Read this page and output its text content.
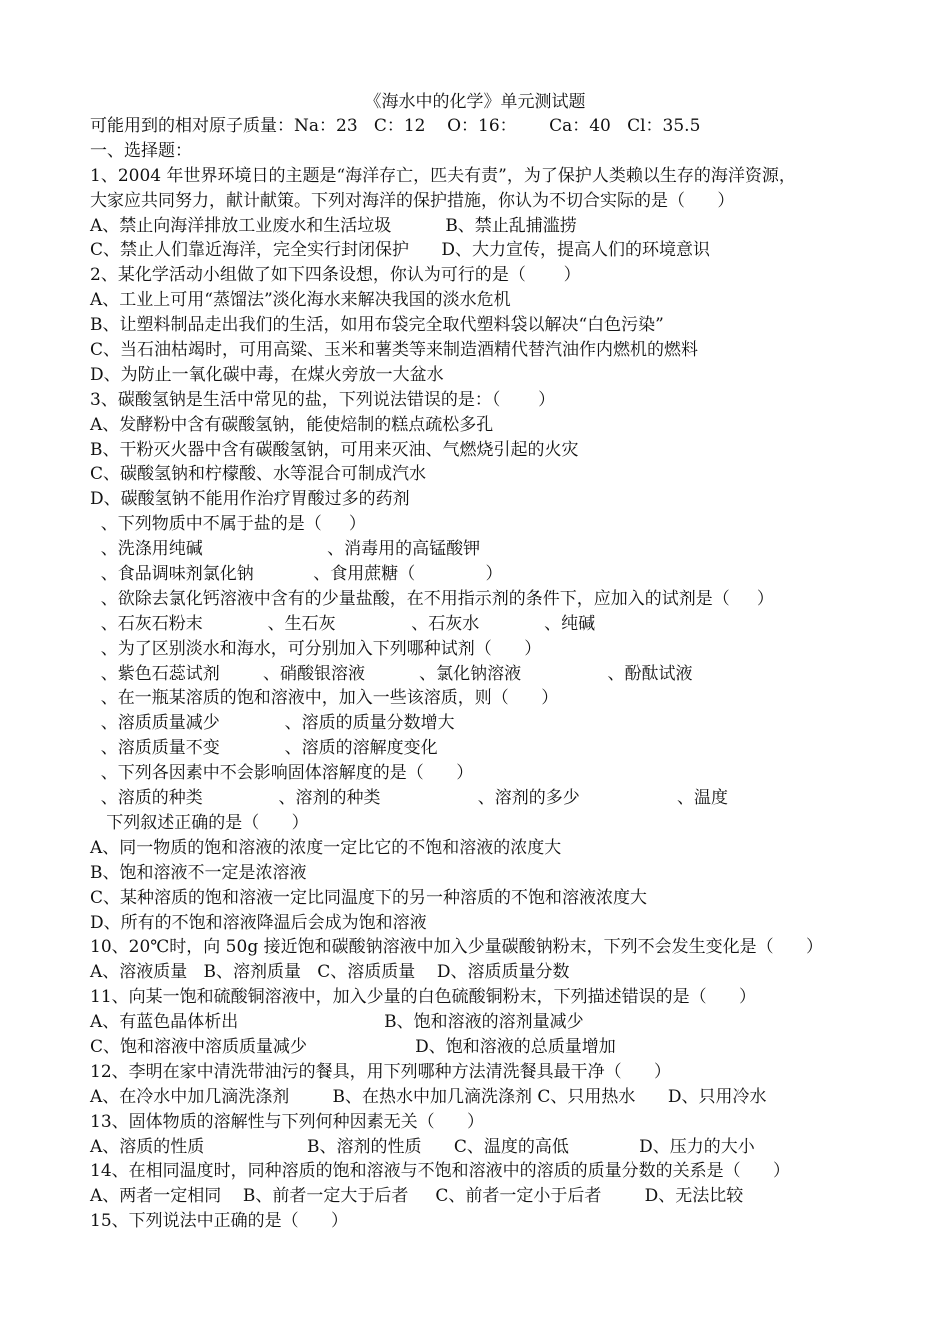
《海水中的化学》单元测试题
可能用到的相对原子质量：Na：23   C：12    O：16：      Ca：40   Cl：35.5
一、选择题：
1、2004 年世界环境日的主题是“海洋存亡，匹夫有责”，为了保护人类赖以生存的海洋资源，
大家应共同努力，献计献策。下列对海洋的保护措施，你认为不切合实际的是（      ）
A、禁止向海洋排放工业废水和生活垃圾          B、禁止乱捕滥捞
C、禁止人们靠近海洋，完全实行封闭保护      D、大力宣传，提高人们的环境意识
2、某化学活动小组做了如下四条设想，你认为可行的是（       ）
A、工业上可用“蒸馏法”淡化海水来解决我国的淡水危机
B、让塑料制品走出我们的生活，如用布袋完全取代塑料袋以解决“白色污染”
C、当石油枯竭时，可用高粱、玉米和薯类等来制造酒精代替汽油作内燃机的燃料
D、为防止一氧化碳中毒，在煤火旁放一大盆水
3、碳酸氢钠是生活中常见的盐，下列说法错误的是：（       ）
A、发酵粉中含有碳酸氢钠，能使焙制的糕点疏松多孔
B、干粉灭火器中含有碳酸氢钠，可用来灭油、气燃烧引起的火灾
C、碳酸氢钠和柠檬酸、水等混合可制成汽水
D、碳酸氢钠不能用作治疗胃酸过多的药剂
、下列物质中不属于盐的是（     ）
、洗涤用纯碱                       、消毒用的高锰酸钾
、食品调味剂氯化钠           、食用蔗糖（             ）
、欲除去氯化钙溶液中含有的少量盐酸，在不用指示剂的条件下，应加入的试剂是（     ）
、石灰石粉末            、生石灰              、石灰水            、纯碱
、为了区别淡水和海水，可分别加入下列哪种试剂（      ）
、紫色石蕊试剂        、硝酸银溶液          、氯化钠溶液                、酚酞试液
、在一瓶某溶质的饱和溶液中，加入一些该溶质，则（      ）
、溶质质量减少            、溶质的质量分数增大
、溶质质量不变            、溶质的溶解度变化
、下列各因素中不会影响固体溶解度的是（      ）
、溶质的种类              、溶剂的种类                  、溶剂的多少                  、温度
下列叙述正确的是（      ）
A、同一物质的饱和溶液的浓度一定比它的不饱和溶液的浓度大
B、饱和溶液不一定是浓溶液
C、某种溶质的饱和溶液一定比同温度下的另一种溶质的不饱和溶液浓度大
D、所有的不饱和溶液降温后会成为饱和溶液
10、20℃时，向 50g 接近饱和碳酸钠溶液中加入少量碳酸钠粉末，下列不会发生变化是（      ）
A、溶液质量   B、溶剂质量   C、溶质质量    D、溶质质量分数
11、向某一饱和硫酸铜溶液中，加入少量的白色硫酸铜粉末，下列描述错误的是（      ）
A、有蓝色晶体析出                           B、饱和溶液的溶剂量减少
C、饱和溶液中溶质质量减少                    D、饱和溶液的总质量增加
12、李明在家中清洗带油污的餐具，用下列哪种方法清洗餐具最干净（      ）
A、在冷水中加几滴洗涤剂        B、在热水中加几滴洗涤剂 C、只用热水      D、只用冷水
13、固体物质的溶解性与下列何种因素无关（      ）
A、溶质的性质                   B、溶剂的性质      C、温度的高低             D、压力的大小
14、在相同温度时，同种溶质的饱和溶液与不饱和溶液中的溶质的质量分数的关系是（      ）
A、两者一定相同    B、前者一定大于后者     C、前者一定小于后者        D、无法比较
15、下列说法中正确的是（      ）
